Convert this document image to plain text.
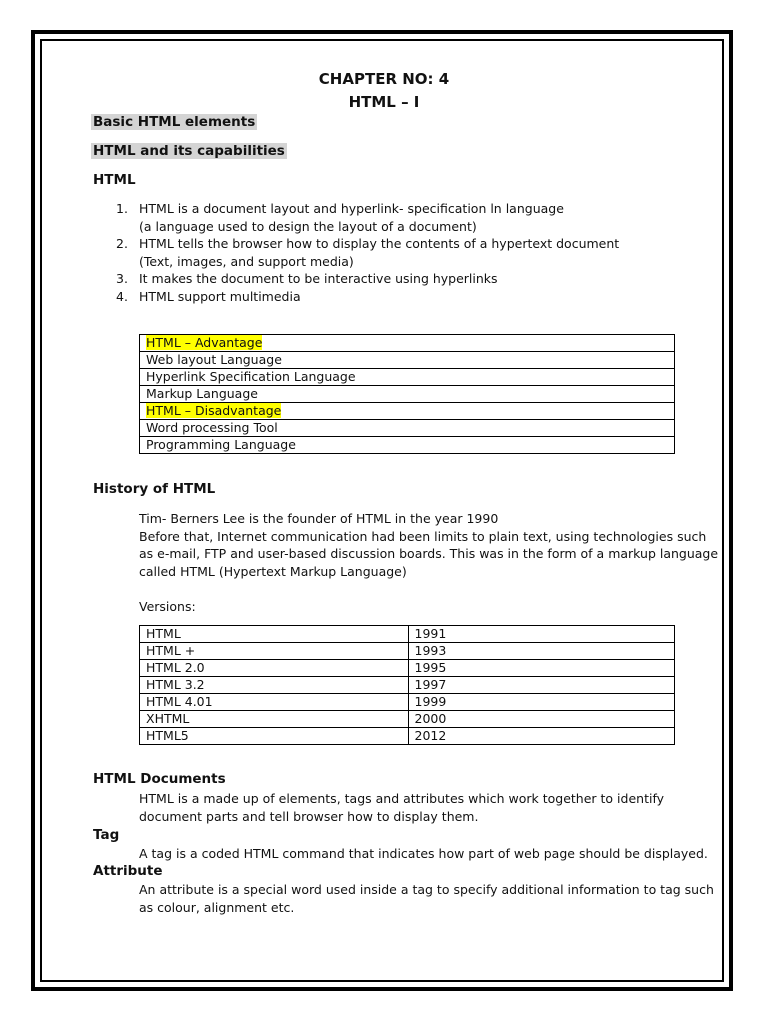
CHAPTER NO: 4
HTML – I
Basic HTML elements
HTML and its capabilities
HTML
1. HTML is a document layout and hyperlink- specification ln language
(a language used to design the layout of a document)
2. HTML tells the browser how to display the contents of a hypertext document
(Text, images, and support media)
3. It makes the document to be interactive using hyperlinks
4. HTML support multimedia
HTML – Advantage
Web layout Language
Hyperlink Specification Language
Markup Language
HTML – Disadvantage
Word processing Tool
Programming Language
History of HTML
Tim- Berners Lee is the founder of HTML in the year 1990
Before that, Internet communication had been limits to plain text, using technologies such
as e-mail, FTP and user-based discussion boards. This was in the form of a markup language
called HTML (Hypertext Markup Language)
Versions:
HTML	1991
HTML +	1993
HTML 2.0	1995
HTML 3.2	1997
HTML 4.01	1999
XHTML	2000
HTML5	2012
HTML Documents
HTML is a made up of elements, tags and attributes which work together to identify
document parts and tell browser how to display them.
Tag
A tag is a coded HTML command that indicates how part of web page should be displayed.
Attribute
An attribute is a special word used inside a tag to specify additional information to tag such
as colour, alignment etc.
